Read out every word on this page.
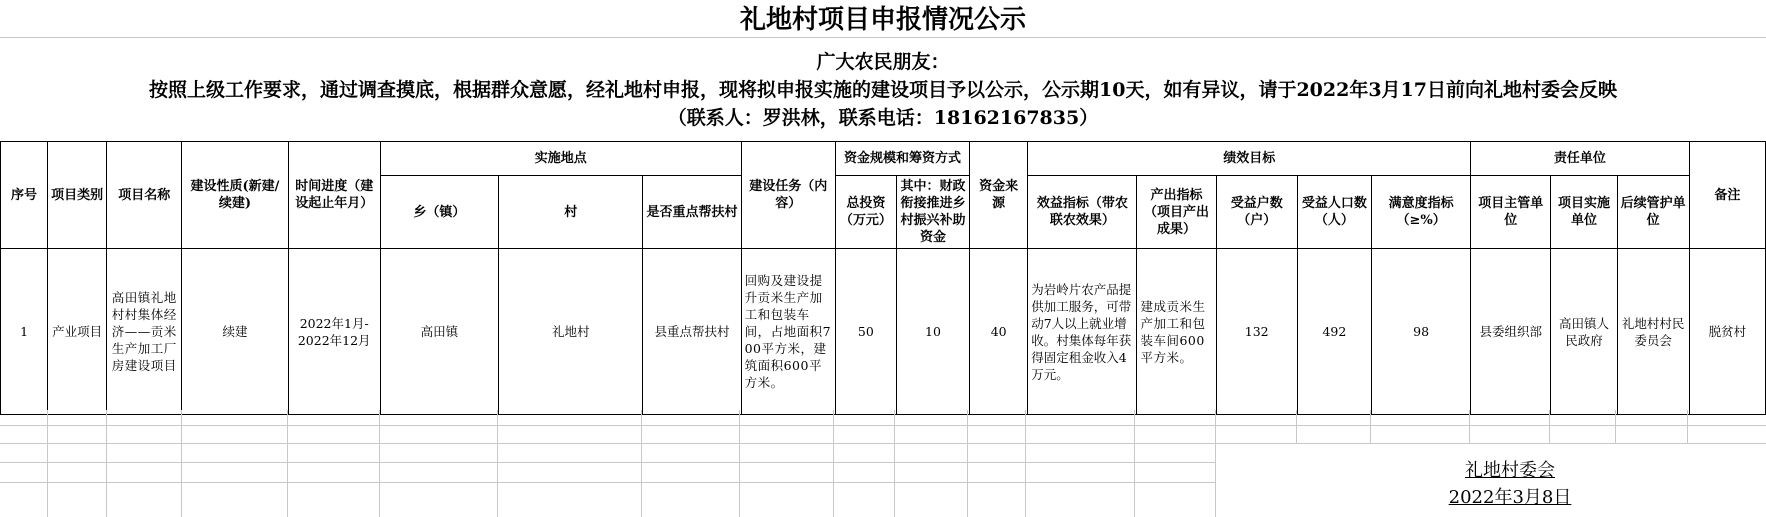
礼地村项目申报情况公示
广大农民朋友：
按照上级工作要求，通过调查摸底，根据群众意愿，经礼地村申报，现将拟申报实施的建设项目予以公示，公示期10天，如有异议，请于2022年3月17日前向礼地村委会反映
（联系人：罗洪林，联系电话：18162167835）
序号	项目类别	项目名称	建设性质(新建/续建)	时间进度（建设起止年月）	实施地点			建设任务（内容）	资金规模和筹资方式		资金来源	绩效目标					责任单位			备注
					乡（镇）	村	是否重点帮扶村		总投资（万元）	其中：财政衔接推进乡村振兴补助资金		效益指标（带农联农效果）	产出指标（项目产出成果）	受益户数（户）	受益人口数（人）	满意度指标（≥%）	项目主管单位	项目实施单位	后续管护单位	
1	产业项目	高田镇礼地村村集体经济——贡米生产加工厂房建设项目	续建	2022年1月-
2022年12月	高田镇	礼地村	县重点帮扶村	回购及建设提升贡米生产加工和包装车间，占地面积700平方米，建筑面积600平方米。	50	10	40	为岩岭片农产品提供加工服务，可带动7人以上就业增收。村集体每年获得固定租金收入4万元。	建成贡米生产加工和包装车间600平方米。	132	492	98	县委组织部	高田镇人民政府	礼地村村民委员会	脱贫村
礼地村委会
2022年3月8日
